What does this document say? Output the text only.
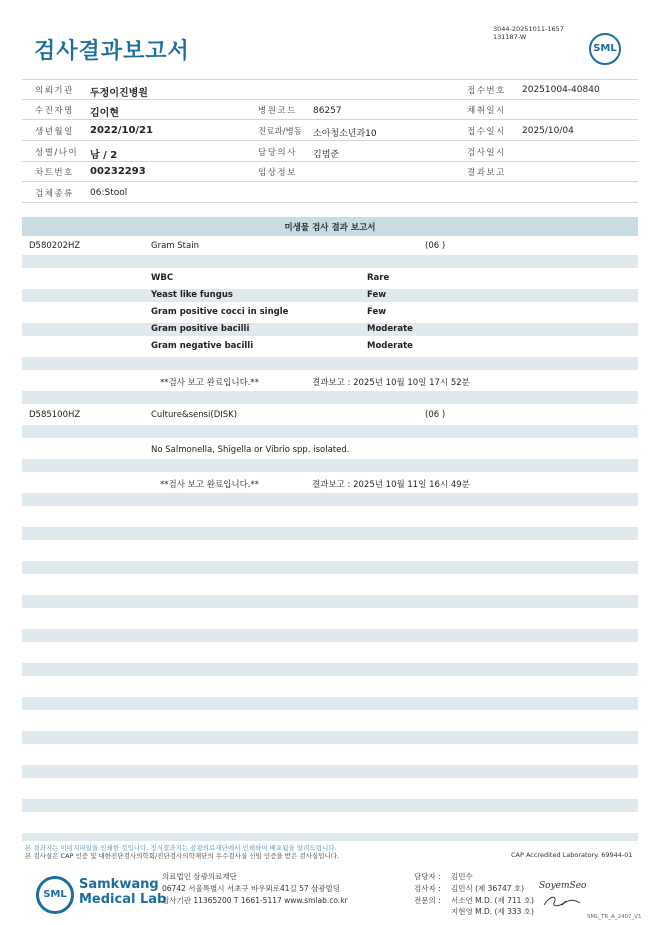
검사결과보고서
3044-20251011-1657
131187-W
SML
의뢰기관 두정이진병원	접수번호 20251004-40840
수진자명 김이현	병원코드 86257	채취일시
생년월일 2022/10/21	진료과/병동 소아청소년과10	접수일시 2025/10/04
성별/나이 남 / 2	담당의사 김범준	검사일시
차트번호 00232293	임상정보	결과보고
검체종류 06:Stool
미생물 검사 결과 보고서
D580202HZ	Gram Stain	(06 )
WBC	Rare
Yeast like fungus	Few
Gram positive cocci in single	Few
Gram positive bacilli	Moderate
Gram negative bacilli	Moderate
**검사 보고 완료입니다.**	결과보고 : 2025년 10월 10일 17시 52분
D585100HZ	Culture&sensi(DISK)	(06 )
No Salmonella, Shigella or Vibrio spp. isolated.
**검사 보고 완료입니다.**	결과보고 : 2025년 10월 11일 16시 49분
본 결과지는 이미지파일을 인쇄한 것입니다. 정식결과지는 삼광의료재단에서 인쇄하여 배포됨을 알려드립니다.
본 검사실은 CAP 인증 및 대한진단검사의학회/진단검사의학재단의 우수검사실 신임 인증을 받은 검사실입니다.	CAP Accredited Laboratory. 69944-01
SML
Samkwang
Medical Lab
의료법인 삼광의료재단
06742 서울특별시 서초구 바우뫼로41길 57 삼광빌딩
검사기관 11365200 T 1661-5117 www.smlab.co.kr
담당자 : 김민수
검사자 : 김민식 (제 36747 호) SoyemSeo
전문의 : 서소연 M.D. (제 711 호)
지현영 M.D. (제 333 호)
SML_TR_A_2407_V1
